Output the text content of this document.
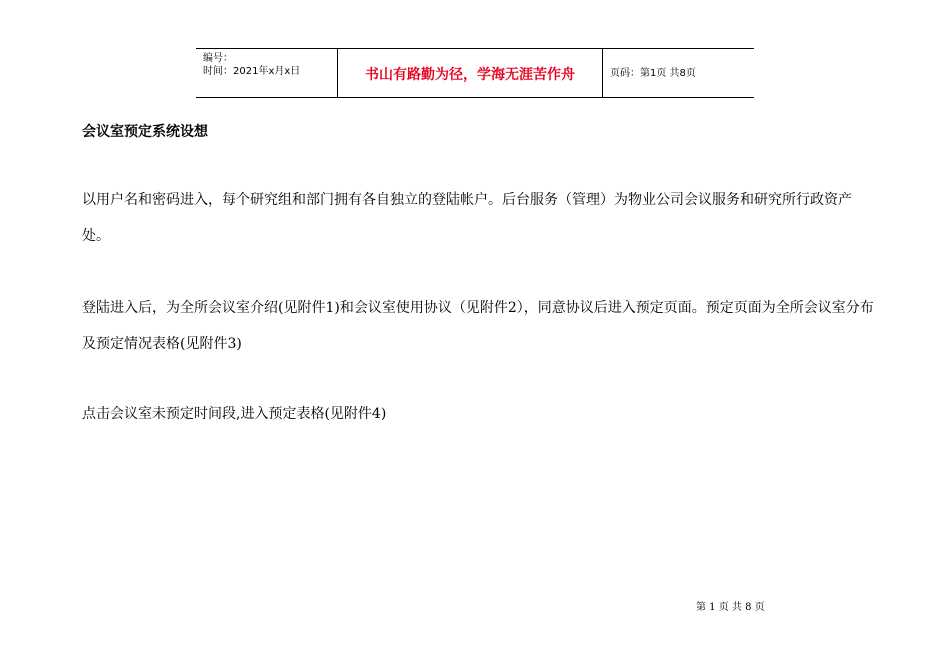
编号：
时间：2021年x月x日	书山有路勤为径，学海无涯苦作舟	页码：第1页 共8页
会议室预定系统设想

以用户名和密码进入，每个研究组和部门拥有各自独立的登陆帐户。后台服务（管理）为物业公司会议服务和研究所行政资产处。

登陆进入后，为全所会议室介绍(见附件1)和会议室使用协议（见附件2），同意协议后进入预定页面。预定页面为全所会议室分布及预定情况表格(见附件3)

点击会议室未预定时间段,进入预定表格(见附件4)

第 1 页 共 8 页
